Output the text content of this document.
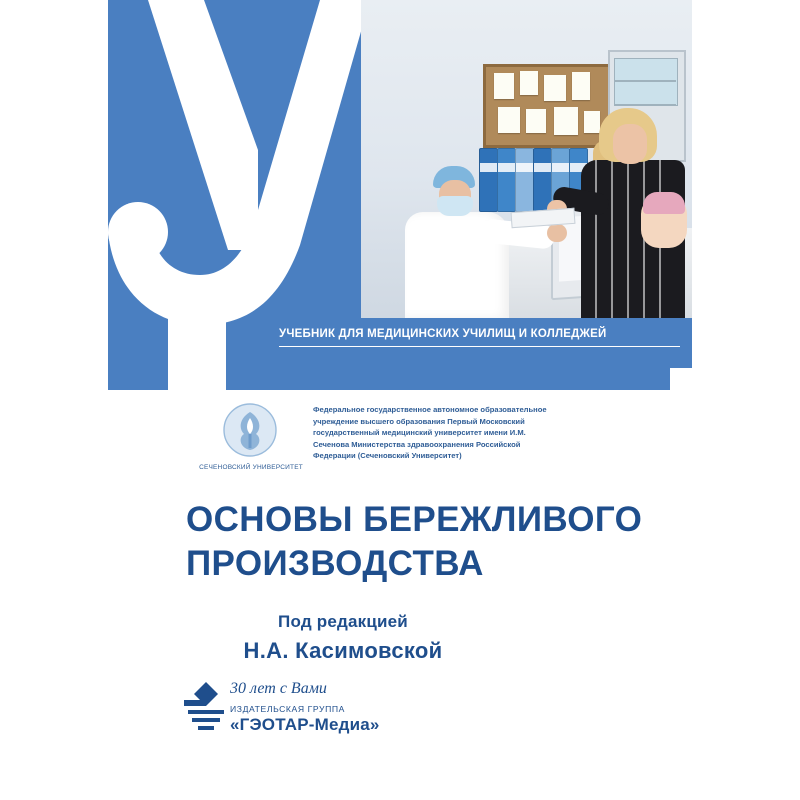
УЧЕБНИК ДЛЯ МЕДИЦИНСКИХ УЧИЛИЩ И КОЛЛЕДЖЕЙ
СЕЧЕНОВСКИЙ УНИВЕРСИТЕТ
Федеральное государственное автономное образовательное учреждение высшего образования Первый Московский государственный медицинский университет имени И.М. Сеченова Министерства здравоохранения Российской Федерации (Сеченовский Университет)
ОСНОВЫ БЕРЕЖЛИВОГО
ПРОИЗВОДСТВА
Под редакцией
Н.А. Касимовской
30 лет с Вами
ИЗДАТЕЛЬСКАЯ ГРУППА
«ГЭОТАР-Медиа»
